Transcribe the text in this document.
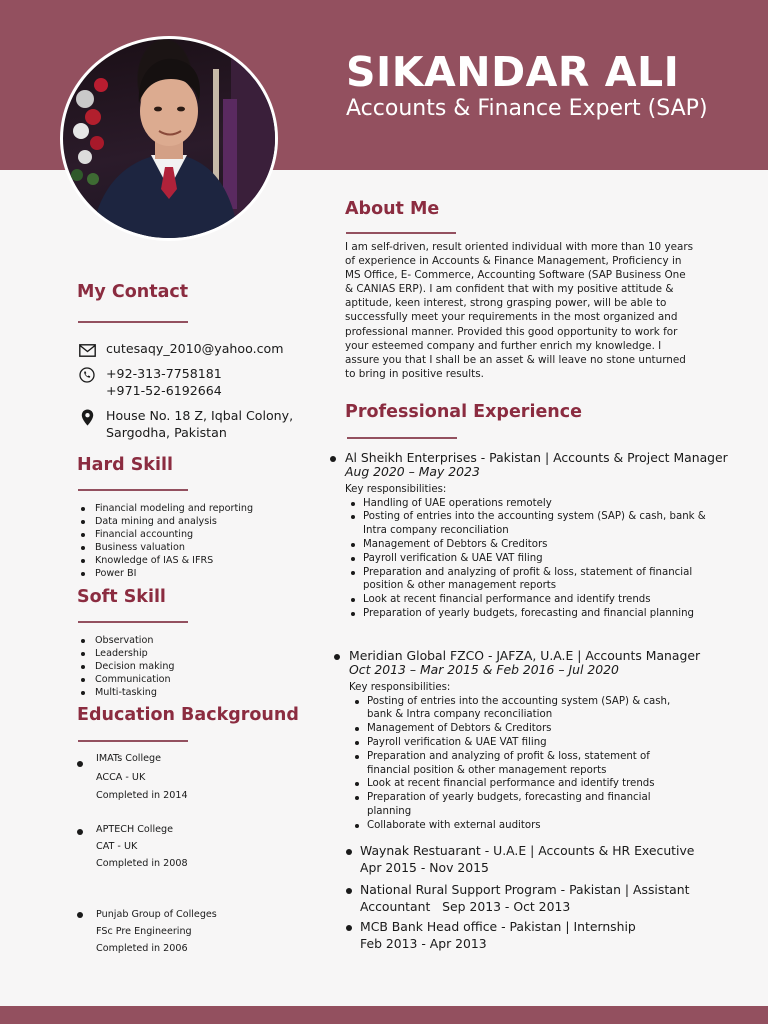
SIKANDAR ALI
Accounts & Finance Expert (SAP)
About Me
I am self-driven, result oriented individual with more than 10 years of experience in Accounts & Finance Management, Proficiency in MS Office, E- Commerce, Accounting Software (SAP Business One & CANIAS ERP). I am confident that with my positive attitude & aptitude, keen interest, strong grasping power, will be able to successfully meet your requirements in the most organized and professional manner. Provided this good opportunity to work for your esteemed company and further enrich my knowledge. I assure you that I shall be an asset & will leave no stone unturned to bring in positive results.
My Contact
cutesaqy_2010@yahoo.com
+92-313-7758181
+971-52-6192664
House No. 18 Z, Iqbal Colony,
Sargodha, Pakistan
Hard Skill
Financial modeling and reporting
Data mining and analysis
Financial accounting
Business valuation
Knowledge of IAS & IFRS
Power BI
Soft Skill
Observation
Leadership
Decision making
Communication
Multi-tasking
Education Background
IMATs College
ACCA - UK
Completed in 2014
APTECH College
CAT - UK
Completed in 2008
Punjab Group of Colleges
FSc Pre Engineering
Completed in 2006
Professional Experience
Al Sheikh Enterprises - Pakistan | Accounts & Project Manager
Aug 2020 – May 2023
Key responsibilities:
Handling of UAE operations remotely
Posting of entries into the accounting system (SAP) & cash, bank & Intra company reconciliation
Management of Debtors & Creditors
Payroll verification & UAE VAT filing
Preparation and analyzing of profit & loss, statement of financial position & other management reports
Look at recent financial performance and identify trends
Preparation of yearly budgets, forecasting and financial planning
Meridian Global FZCO - JAFZA, U.A.E | Accounts Manager
Oct 2013 – Mar 2015 & Feb 2016 – Jul 2020
Key responsibilities:
Posting of entries into the accounting system (SAP) & cash, bank & Intra company reconciliation
Management of Debtors & Creditors
Payroll verification & UAE VAT filing
Preparation and analyzing of profit & loss, statement of financial position & other management reports
Look at recent financial performance and identify trends
Preparation of yearly budgets, forecasting and financial planning
Collaborate with external auditors
Waynak Restuarant - U.A.E | Accounts & HR Executive
Apr 2015 - Nov 2015
National Rural Support Program - Pakistan | Assistant
Accountant   Sep 2013 - Oct 2013
MCB Bank Head office - Pakistan | Internship
Feb 2013 - Apr 2013
